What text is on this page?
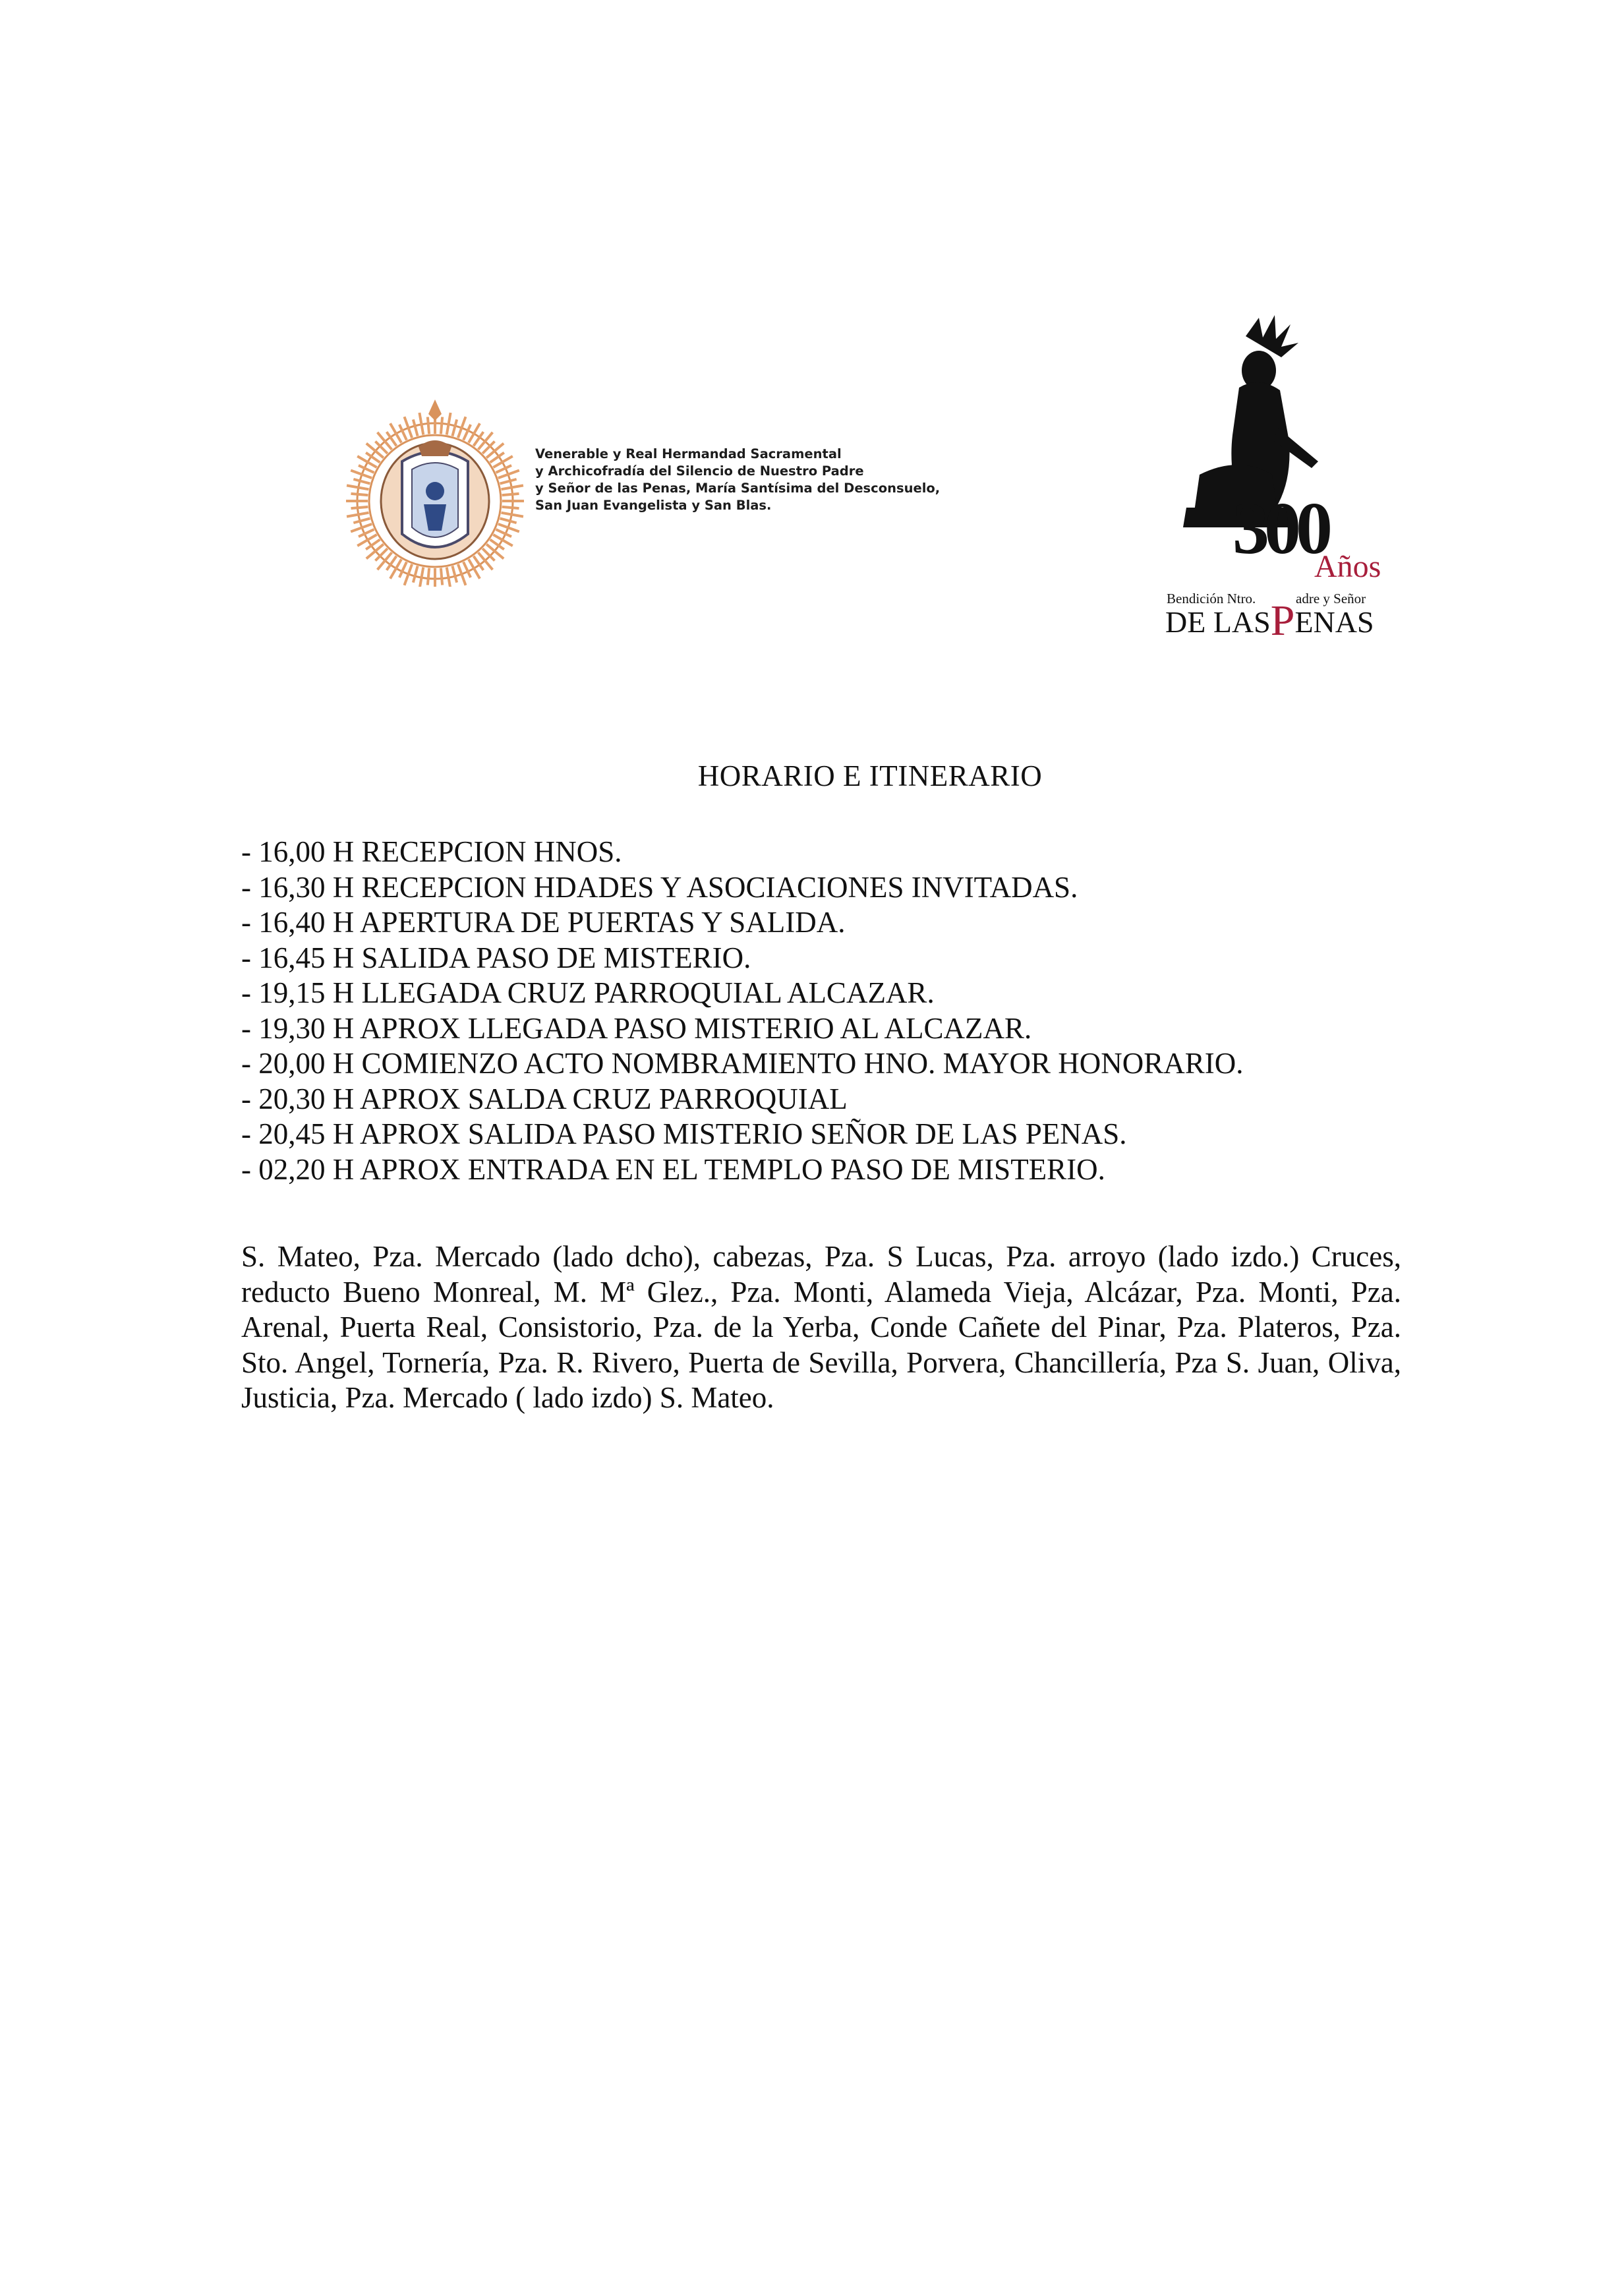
Venerable y Real Hermandad Sacramental
y Archicofradía del Silencio de Nuestro Padre
y Señor de las Penas, María Santísima del Desconsuelo,
San Juan Evangelista y San Blas.	300
Años
Bendición Ntro.	adre y Señor
DE LASPENAS
HORARIO E ITINERARIO
- 16,00 H RECEPCION HNOS.
- 16,30 H RECEPCION HDADES Y ASOCIACIONES INVITADAS.
- 16,40 H APERTURA DE PUERTAS Y SALIDA.
- 16,45 H SALIDA PASO DE MISTERIO.
- 19,15 H LLEGADA CRUZ PARROQUIAL ALCAZAR.
- 19,30 H APROX LLEGADA PASO MISTERIO AL ALCAZAR.
- 20,00 H COMIENZO ACTO NOMBRAMIENTO HNO. MAYOR HONORARIO.
- 20,30 H APROX SALDA CRUZ PARROQUIAL
- 20,45 H APROX SALIDA PASO MISTERIO SEÑOR DE LAS PENAS.
- 02,20 H APROX ENTRADA EN EL TEMPLO PASO DE MISTERIO.

S. Mateo, Pza. Mercado (lado dcho), cabezas, Pza. S Lucas, Pza. arroyo (lado izdo.) Cruces, reducto Bueno Monreal, M. Mª Glez., Pza. Monti, Alameda Vieja, Alcázar, Pza. Monti, Pza. Arenal, Puerta Real, Consistorio, Pza. de la Yerba, Conde Cañete del Pinar, Pza. Plateros, Pza. Sto. Angel, Tornería, Pza. R. Rivero, Puerta de Sevilla, Porvera, Chancillería, Pza S. Juan, Oliva, Justicia, Pza. Mercado ( lado izdo) S. Mateo.
